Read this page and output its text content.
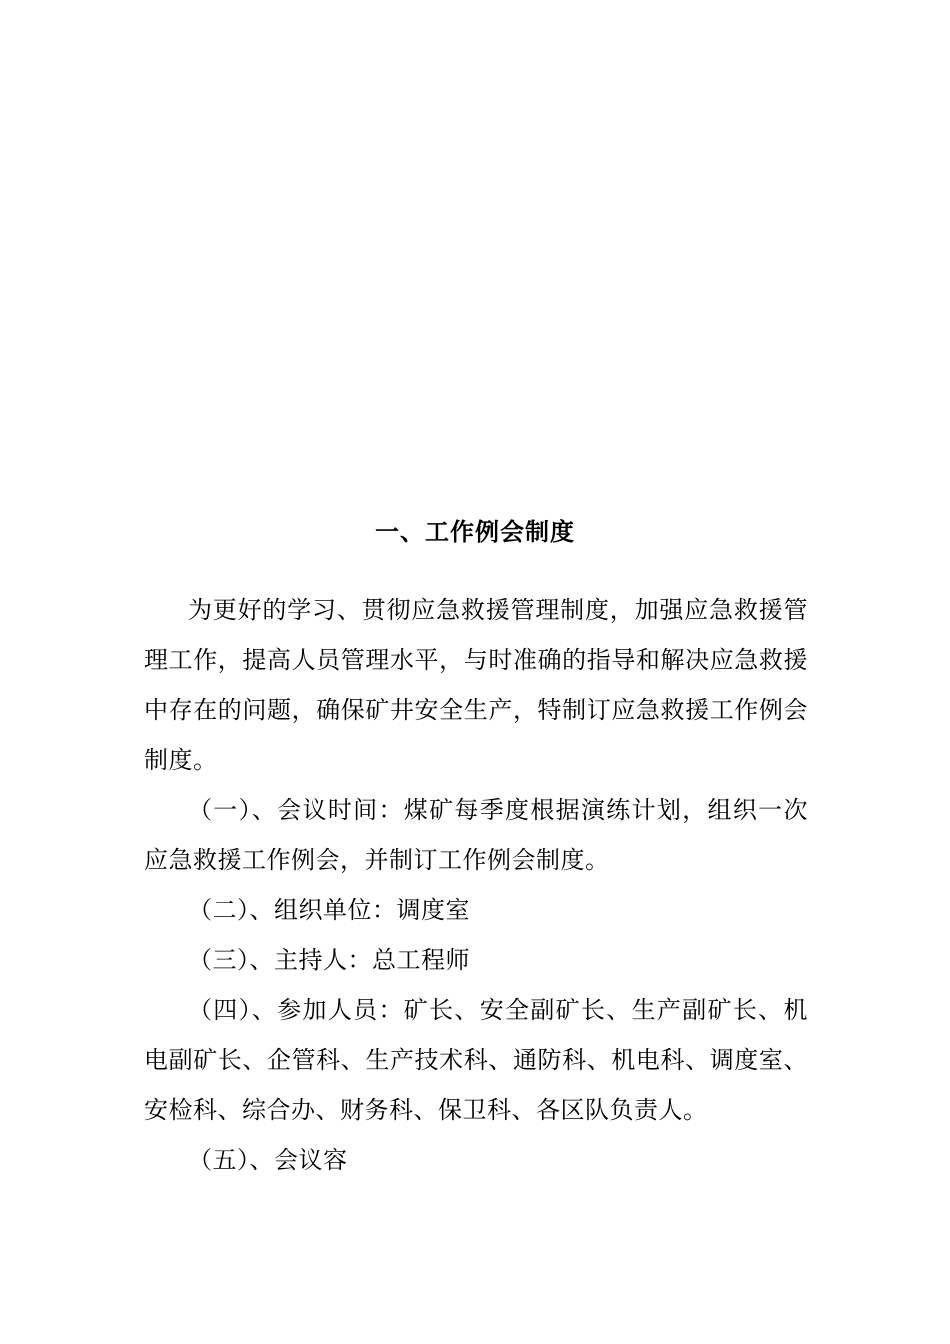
一、工作例会制度

为更好的学习、贯彻应急救援管理制度，加强应急救援管理工作，提高人员管理水平，与时准确的指导和解决应急救援中存在的问题，确保矿井安全生产，特制订应急救援工作例会制度。

（一）、会议时间：煤矿每季度根据演练计划，组织一次应急救援工作例会，并制订工作例会制度。

（二）、组织单位：调度室

（三）、主持人：总工程师

（四）、参加人员：矿长、安全副矿长、生产副矿长、机电副矿长、企管科、生产技术科、通防科、机电科、调度室、安检科、综合办、财务科、保卫科、各区队负责人。

（五）、会议容
